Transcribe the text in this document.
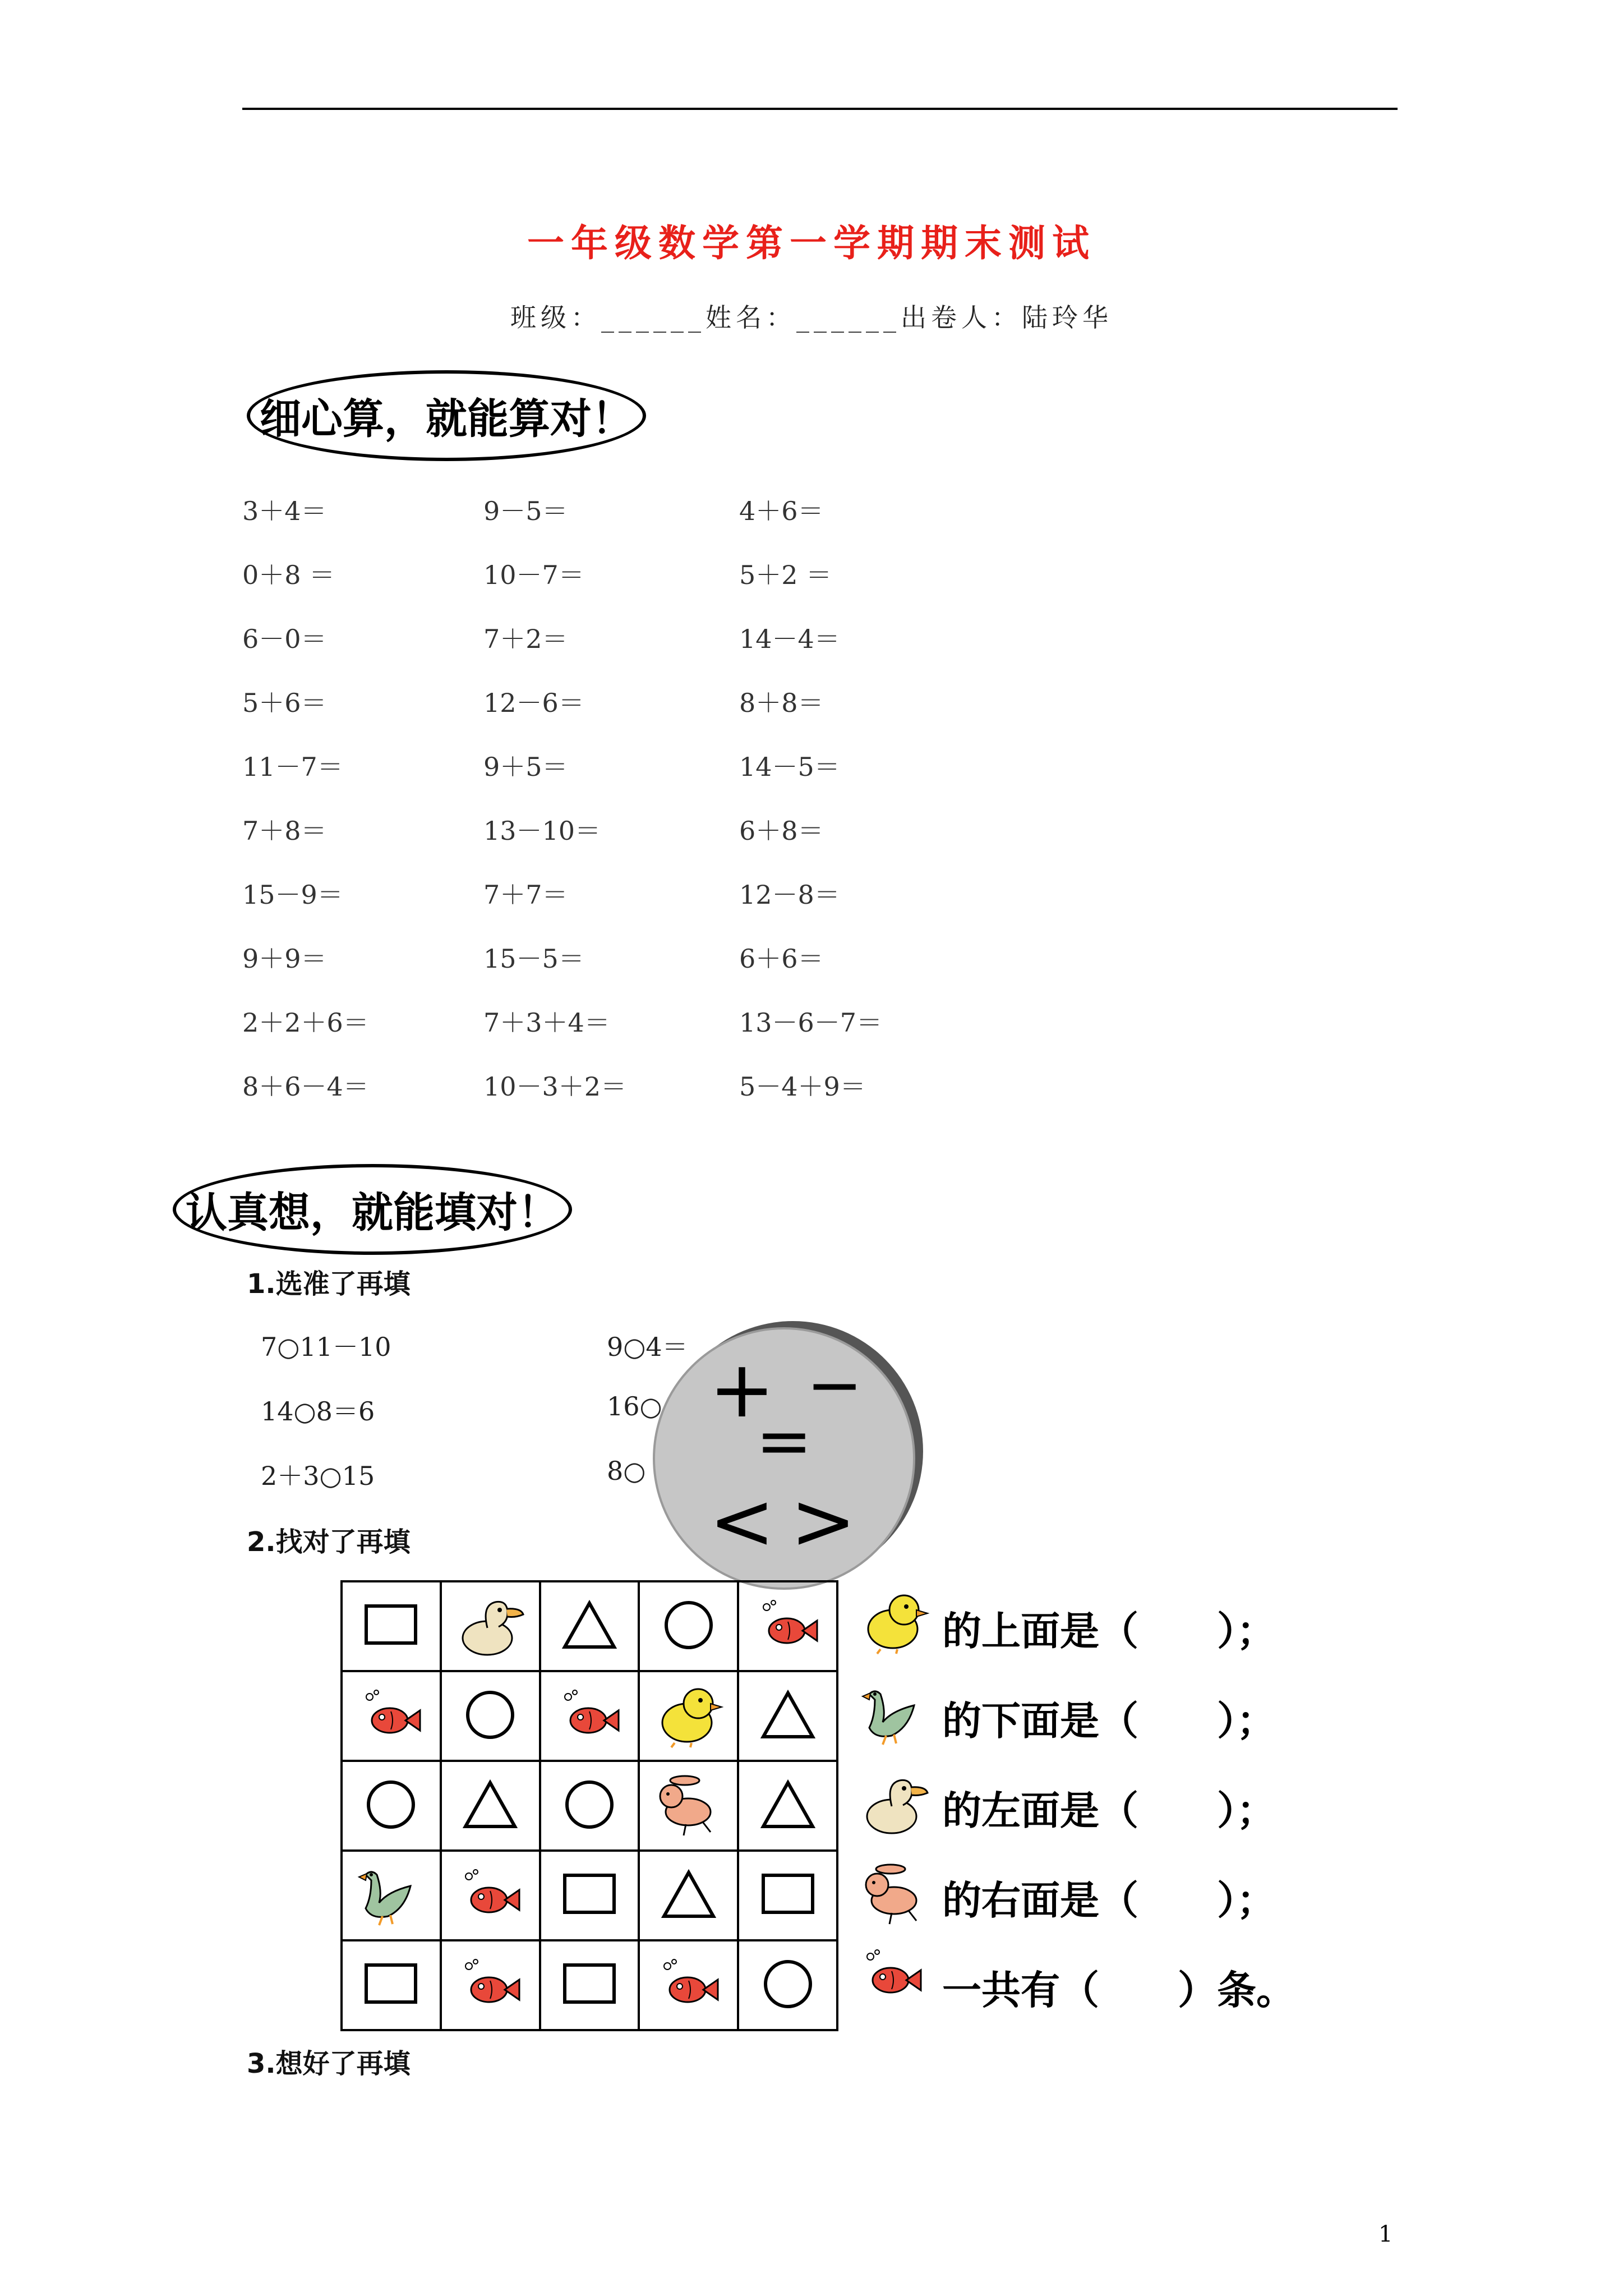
一年级数学第一学期期末测试
班级：______姓名：______出卷人：陆玲华
细心算，就能算对！
3＋4＝	9－5＝	4＋6＝
0＋8 ＝	10－7＝	5＋2 ＝
6－0＝	7＋2＝	14－4＝
5＋6＝	12－6＝	8＋8＝
11－7＝	9＋5＝	14－5＝
7＋8＝	13－10＝	6＋8＝
15－9＝	7＋7＝	12－8＝
9＋9＝	15－5＝	6＋6＝
2＋2＋6＝	7＋3＋4＝	13－6－7＝
8＋6－4＝	10－3＋2＝	5－4＋9＝
认真想，就能填对！
1.选准了再填
7○11－10	9○4＝
14○8＝6	16○
2＋3○15	8○
+ −
=
< >
2.找对了再填

的上面是（　　）；
的下面是（　　）；
的左面是（　　）；
的右面是（　　）；
一共有（　　）条。
3.想好了再填
1
